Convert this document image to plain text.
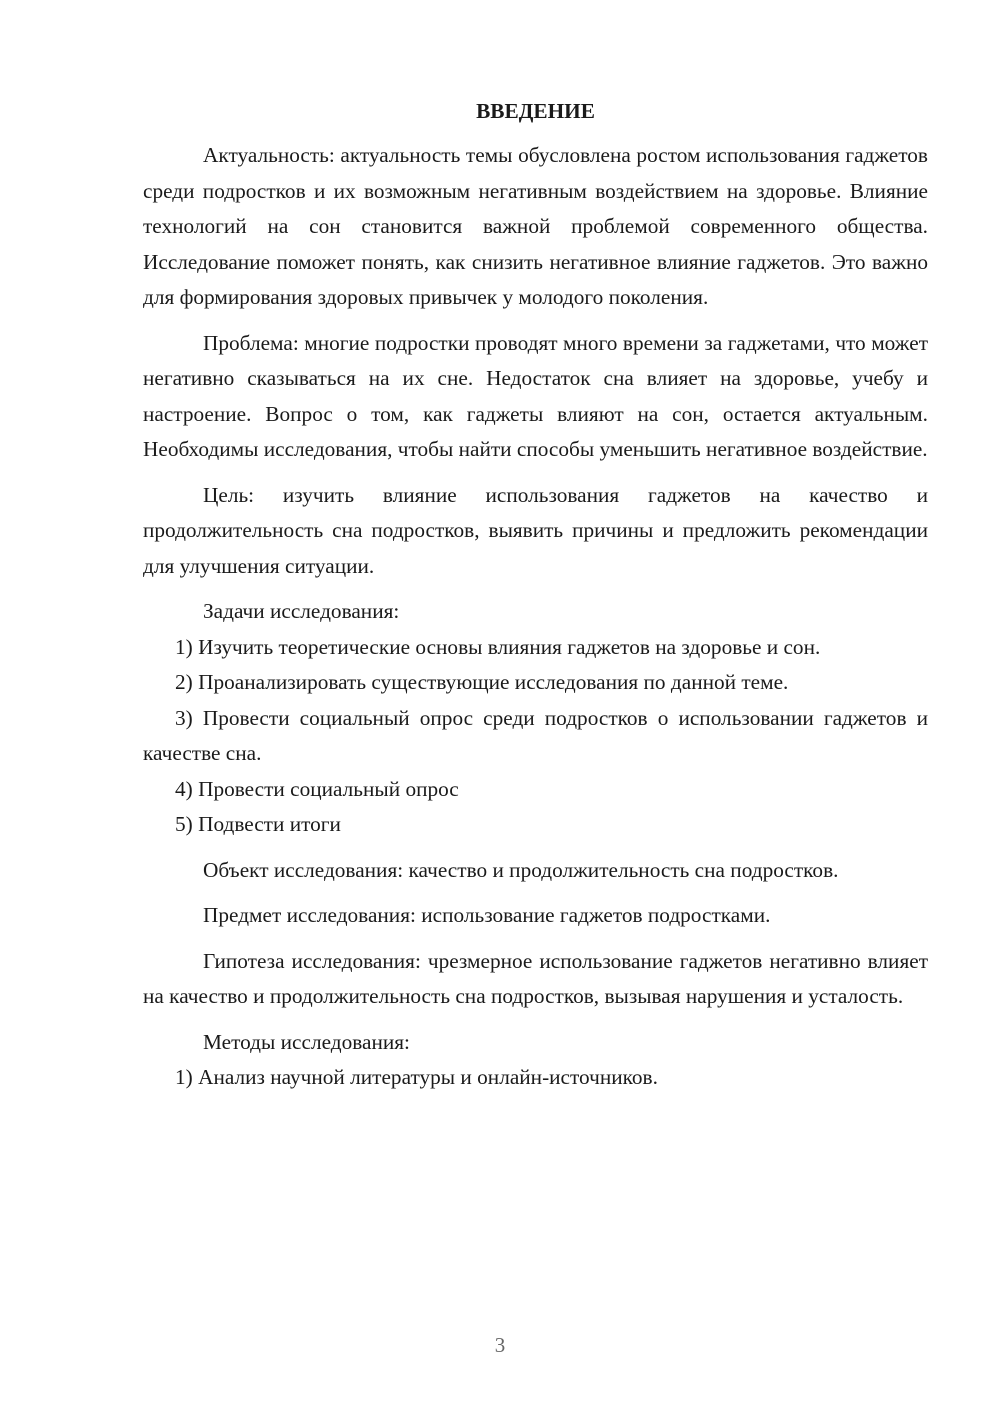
ВВЕДЕНИЕ

Актуальность: актуальность темы обусловлена ростом использования гаджетов среди подростков и их возможным негативным воздействием на здоровье. Влияние технологий на сон становится важной проблемой современного общества. Исследование поможет понять, как снизить негативное влияние гаджетов. Это важно для формирования здоровых привычек у молодого поколения.

Проблема: многие подростки проводят много времени за гаджетами, что может негативно сказываться на их сне. Недостаток сна влияет на здоровье, учебу и настроение. Вопрос о том, как гаджеты влияют на сон, остается актуальным. Необходимы исследования, чтобы найти способы уменьшить негативное воздействие.

Цель: изучить влияние использования гаджетов на качество и продолжительность сна подростков, выявить причины и предложить рекомендации для улучшения ситуации.

Задачи исследования:

1) Изучить теоретические основы влияния гаджетов на здоровье и сон.

2) Проанализировать существующие исследования по данной теме.

3) Провести социальный опрос среди подростков о использовании гаджетов и качестве сна.

4) Провести социальный опрос

5) Подвести итоги

Объект исследования: качество и продолжительность сна подростков.

Предмет исследования: использование гаджетов подростками.

Гипотеза исследования: чрезмерное использование гаджетов негативно влияет на качество и продолжительность сна подростков, вызывая нарушения и усталость.

Методы исследования:

1) Анализ научной литературы и онлайн-источников.

3
